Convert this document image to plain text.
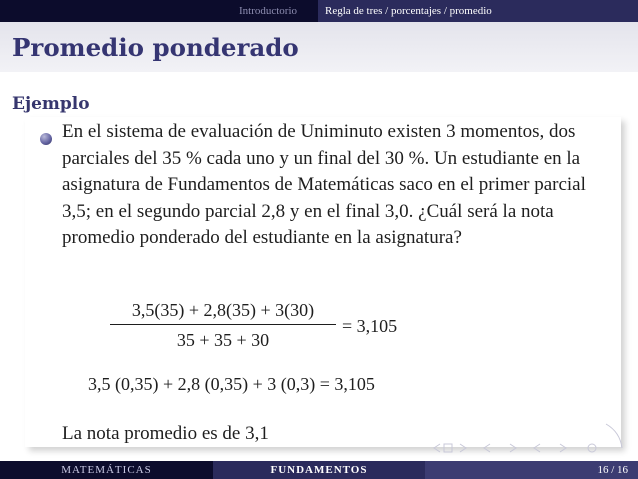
Introductorio	Regla de tres / porcentajes / promedio
Promedio ponderado
Ejemplo
En el sistema de evaluación de Uniminuto existen 3 momentos, dos parciales del 35 % cada uno y un final del 30 %. Un estudiante en la asignatura de Fundamentos de Matemáticas saco en el primer parcial 3,5; en el segundo parcial 2,8 y en el final 3,0. ¿Cuál será la nota promedio ponderado del estudiante en la asignatura?
3,5(35) + 2,8(35) + 3(30)
35 + 35 + 30
= 3,105
3,5 (0,35) + 2,8 (0,35) + 3 (0,3) = 3,105
La nota promedio es de 3,1
MATEMÁTICAS	FUNDAMENTOS	16 / 16
